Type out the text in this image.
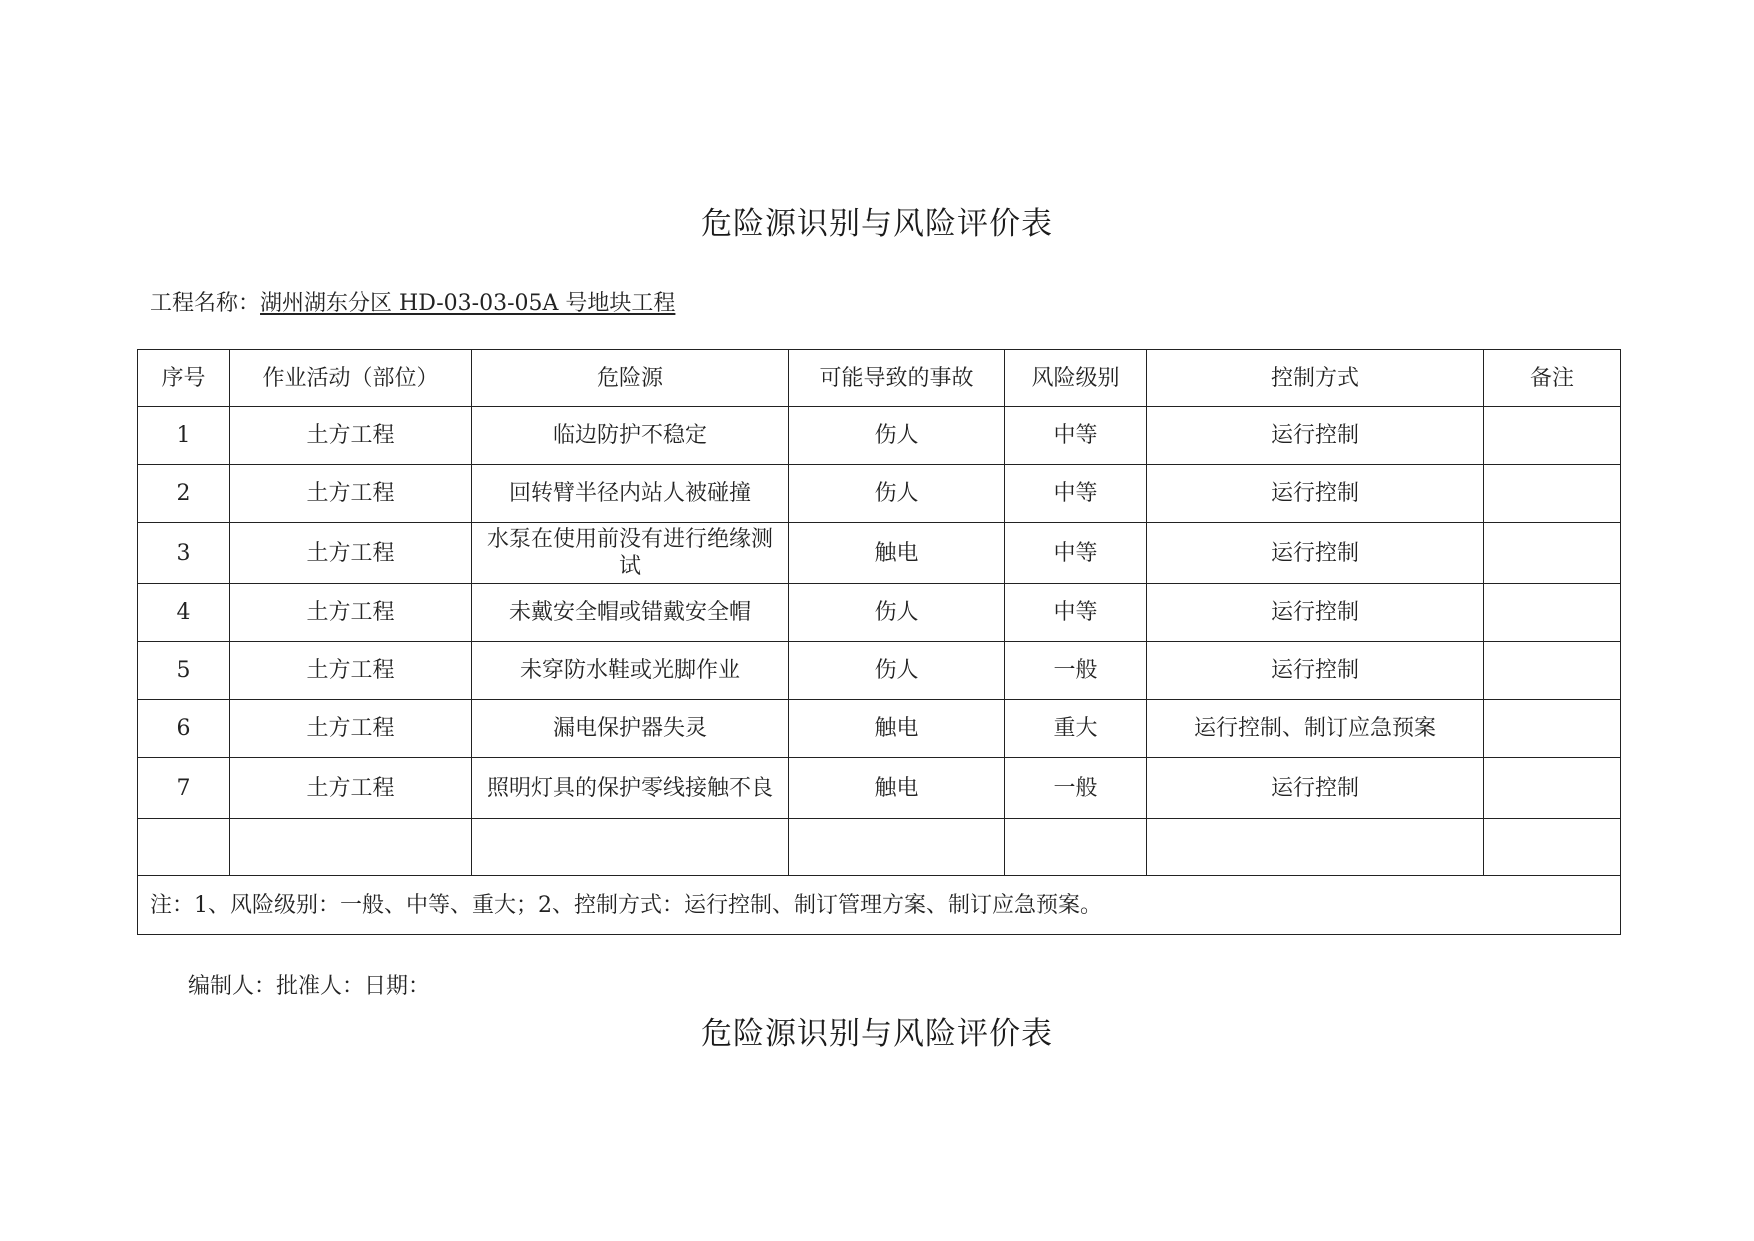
危险源识别与风险评价表
工程名称：湖州湖东分区 HD-03-03-05A 号地块工程
序号	作业活动（部位）	危险源	可能导致的事故	风险级别	控制方式	备注
1	土方工程	临边防护不稳定	伤人	中等	运行控制	
2	土方工程	回转臂半径内站人被碰撞	伤人	中等	运行控制	
3	土方工程	水泵在使用前没有进行绝缘测试	触电	中等	运行控制	
4	土方工程	未戴安全帽或错戴安全帽	伤人	中等	运行控制	
5	土方工程	未穿防水鞋或光脚作业	伤人	一般	运行控制	
6	土方工程	漏电保护器失灵	触电	重大	运行控制、制订应急预案	
7	土方工程	照明灯具的保护零线接触不良	触电	一般	运行控制	

注：1、风险级别：一般、中等、重大；2、控制方式：运行控制、制订管理方案、制订应急预案。						
编制人：批准人：日期：
危险源识别与风险评价表
